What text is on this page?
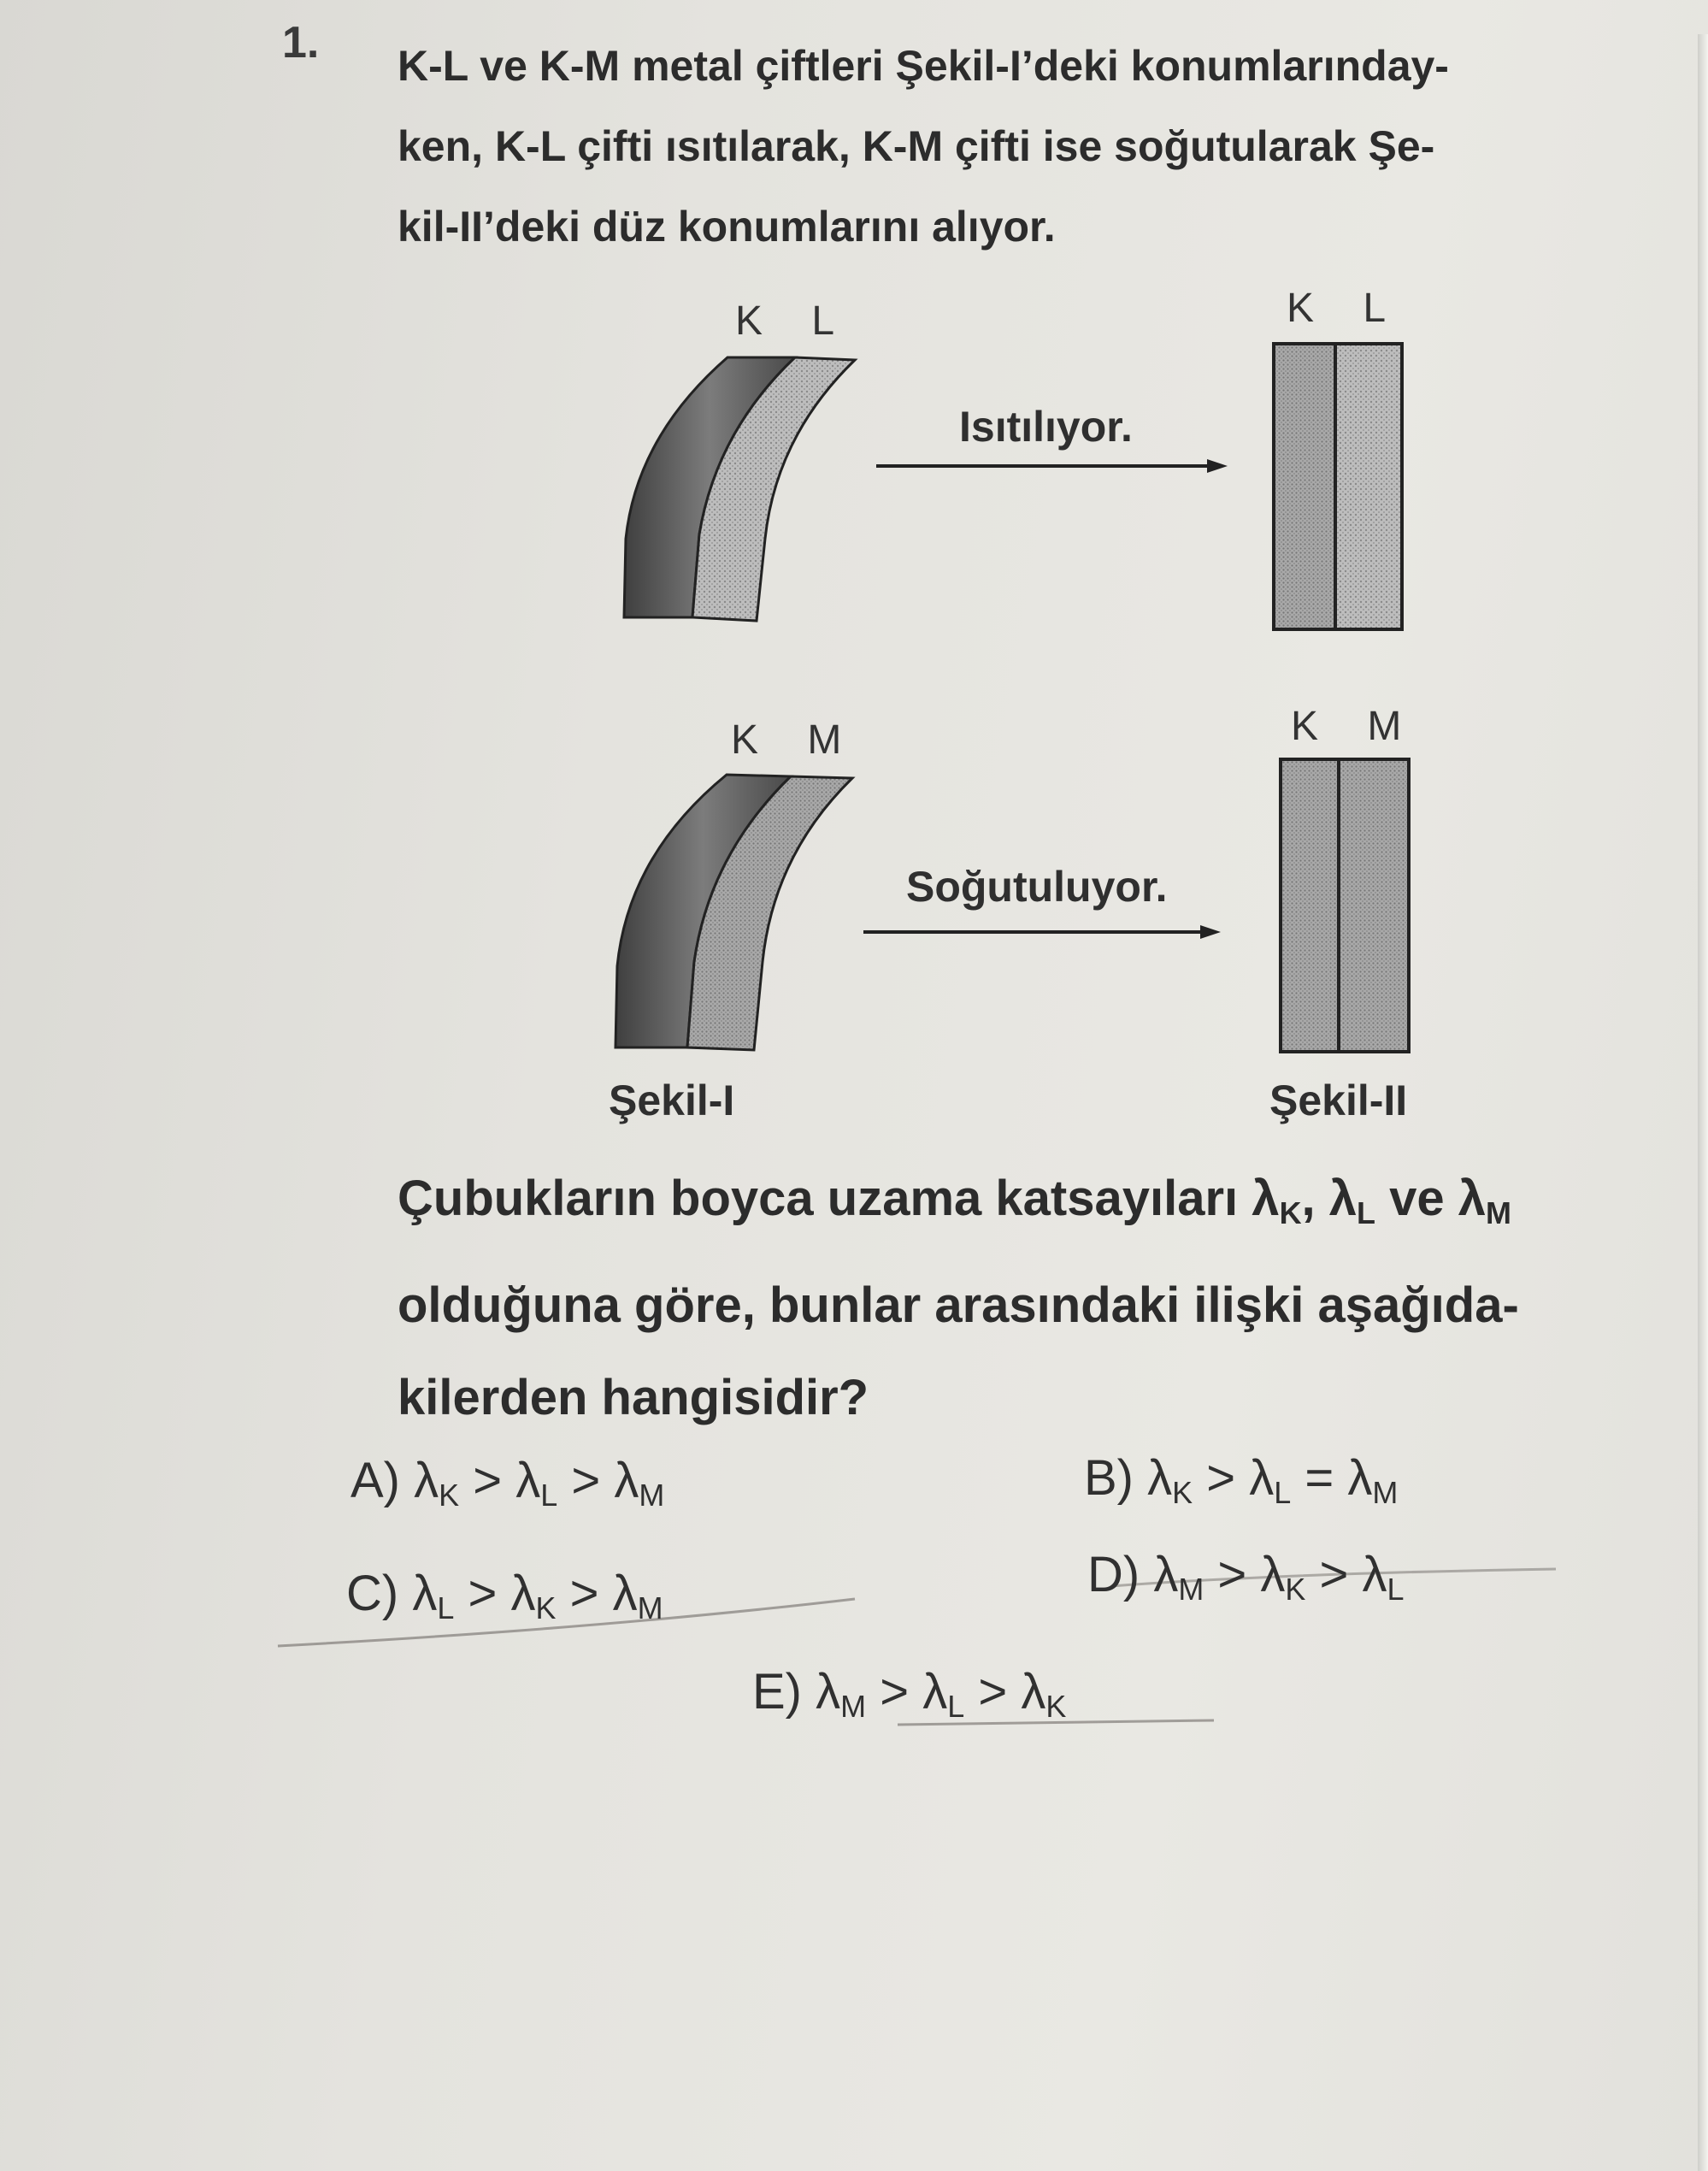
1. K-L ve K-M metal çiftleri Şekil-I’deki konumlarınday-
ken, K-L çifti ısıtılarak, K-M çifti ise soğutularak Şe-
kil-II’deki düz konumlarını alıyor.
K L	K L
K M	K M
Isıtılıyor.
Soğutuluyor.
Şekil-I	Şekil-II
Çubukların boyca uzama katsayıları $\lambda_K$, $\lambda_L$ ve $\lambda_M$
olduğuna göre, bunlar arasındaki ilişki aşağıda-
kilerden hangisidir?
A) $\lambda_K > \lambda_L > \lambda_M$	B) $\lambda_K > \lambda_L = \lambda_M$
C) $\lambda_L > \lambda_K > \lambda_M$
D) $\lambda_M > \lambda_K > \lambda_L$
E) $\lambda_M > \lambda_L > \lambda_K$
